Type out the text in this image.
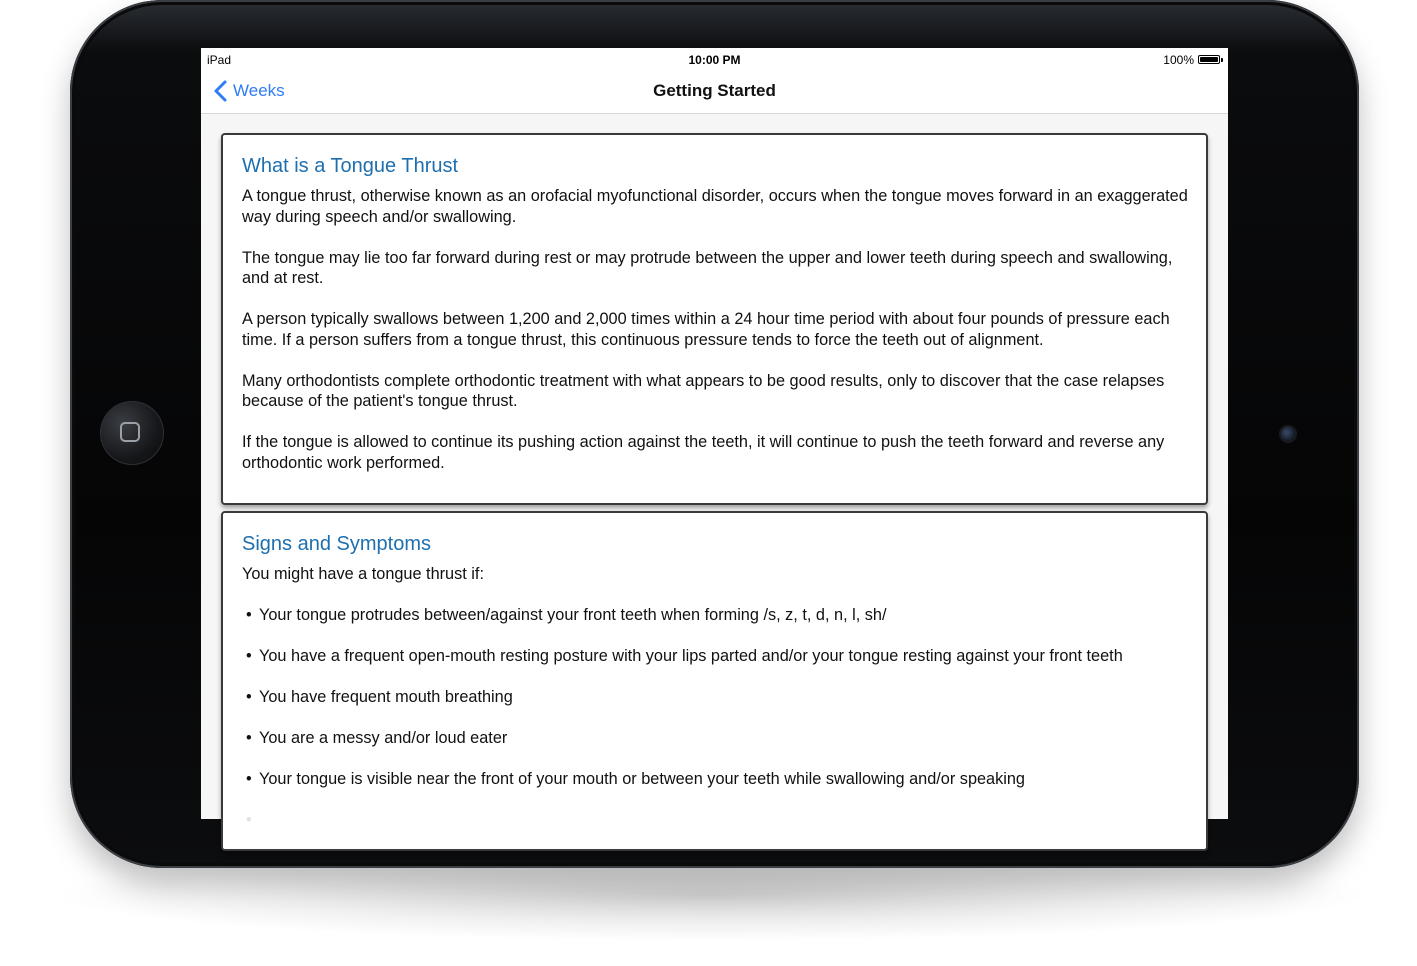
iPad	10:00 PM	100%
Weeks	Getting Started
What is a Tongue Thrust

A tongue thrust, otherwise known as an orofacial myofunctional disorder, occurs when the tongue moves forward in an exaggerated way during speech and/or swallowing.

The tongue may lie too far forward during rest or may protrude between the upper and lower teeth during speech and swallowing, and at rest.

A person typically swallows between 1,200 and 2,000 times within a 24 hour time period with about four pounds of pressure each time. If a person suffers from a tongue thrust, this continuous pressure tends to force the teeth out of alignment.

Many orthodontists complete orthodontic treatment with what appears to be good results, only to discover that the case relapses because of the patient's tongue thrust.

If the tongue is allowed to continue its pushing action against the teeth, it will continue to push the teeth forward and reverse any orthodontic work performed.

Signs and Symptoms

You might have a tongue thrust if:

• Your tongue protrudes between/against your front teeth when forming /s, z, t, d, n, l, sh/
• You have a frequent open-mouth resting posture with your lips parted and/or your tongue resting against your front teeth
• You have frequent mouth breathing
• You are a messy and/or loud eater
• Your tongue is visible near the front of your mouth or between your teeth while swallowing and/or speaking
•
